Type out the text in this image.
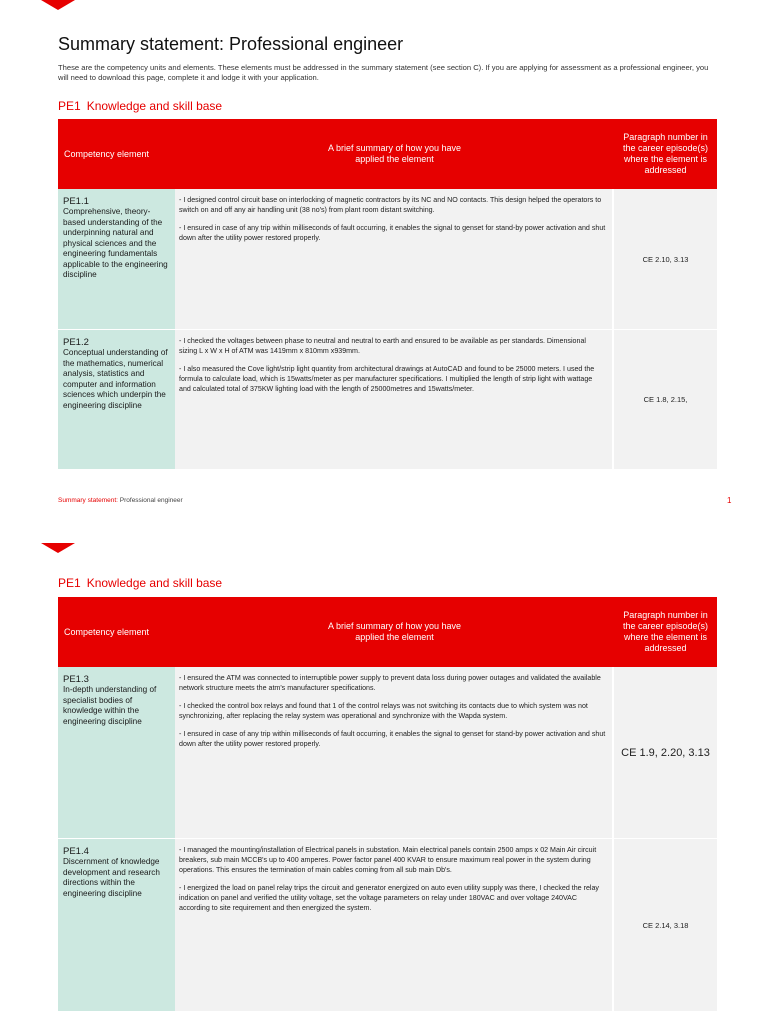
Summary statement: Professional engineer

These are the competency units and elements. These elements must be addressed in the summary statement (see section C). If you are applying for assessment as a professional engineer, you will need to download this page, complete it and lodge it with your application.

PE1 Knowledge and skill base
Competency element
A brief summary of how you have applied the element
Paragraph number in the career episode(s) where the element is addressed
PE1.1
Comprehensive, theory-based understanding of the underpinning natural and physical sciences and the engineering fundamentals applicable to the engineering discipline

- I designed control circuit base on interlocking of magnetic contractors by its NC and NO contacts. This design helped the operators to switch on and off any air handling unit (38 no's) from plant room distant switching.

- I ensured in case of any trip within milliseconds of fault occurring, it enables the signal to genset for stand-by power activation and shut down after the utility power restored properly.

CE 2.10, 3.13
PE1.2
Conceptual understanding of the mathematics, numerical analysis, statistics and computer and information sciences which underpin the engineering discipline

- I checked the voltages between phase to neutral and neutral to earth and ensured to be available as per standards. Dimensional sizing L x W x H of ATM was 1419mm x 810mm x939mm.

- I also measured the Cove light/strip light quantity from architectural drawings at AutoCAD and found to be 25000 meters. I used the formula to calculate load, which is 15watts/meter as per manufacturer specifications. I multiplied the length of strip light with wattage and calculated total of 375KW lighting load with the length of 25000metres and 15watts/meter.

CE 1.8, 2.15,
Summary statement: Professional engineer	1
PE1 Knowledge and skill base
Competency element
A brief summary of how you have applied the element
Paragraph number in the career episode(s) where the element is addressed
PE1.3
In-depth understanding of specialist bodies of knowledge within the engineering discipline

- I ensured the ATM was connected to interruptible power supply to prevent data loss during power outages and validated the available network structure meets the atm's manufacturer specifications.

- I checked the control box relays and found that 1 of the control relays was not switching its contacts due to which system was not synchronizing, after replacing the relay system was operational and synchronize with the Wapda system.

- I ensured in case of any trip within milliseconds of fault occurring, it enables the signal to genset for stand-by power activation and shut down after the utility power restored properly.

CE 1.9, 2.20, 3.13
PE1.4
Discernment of knowledge development and research directions within the engineering discipline

- I managed the mounting/installation of Electrical panels in substation. Main electrical panels contain 2500 amps x 02 Main Air circuit breakers, sub main MCCB's up to 400 amperes. Power factor panel 400 KVAR to ensure maximum real power in the system during operations. This ensures the termination of main cables coming from all sub main Db's.

- I energized the load on panel relay trips the circuit and generator energized on auto even utility supply was there, I checked the relay indication on panel and verified the utility voltage, set the voltage parameters on relay under 180VAC and over voltage 240VAC according to site requirement and then energized the system.

CE 2.14, 3.18
